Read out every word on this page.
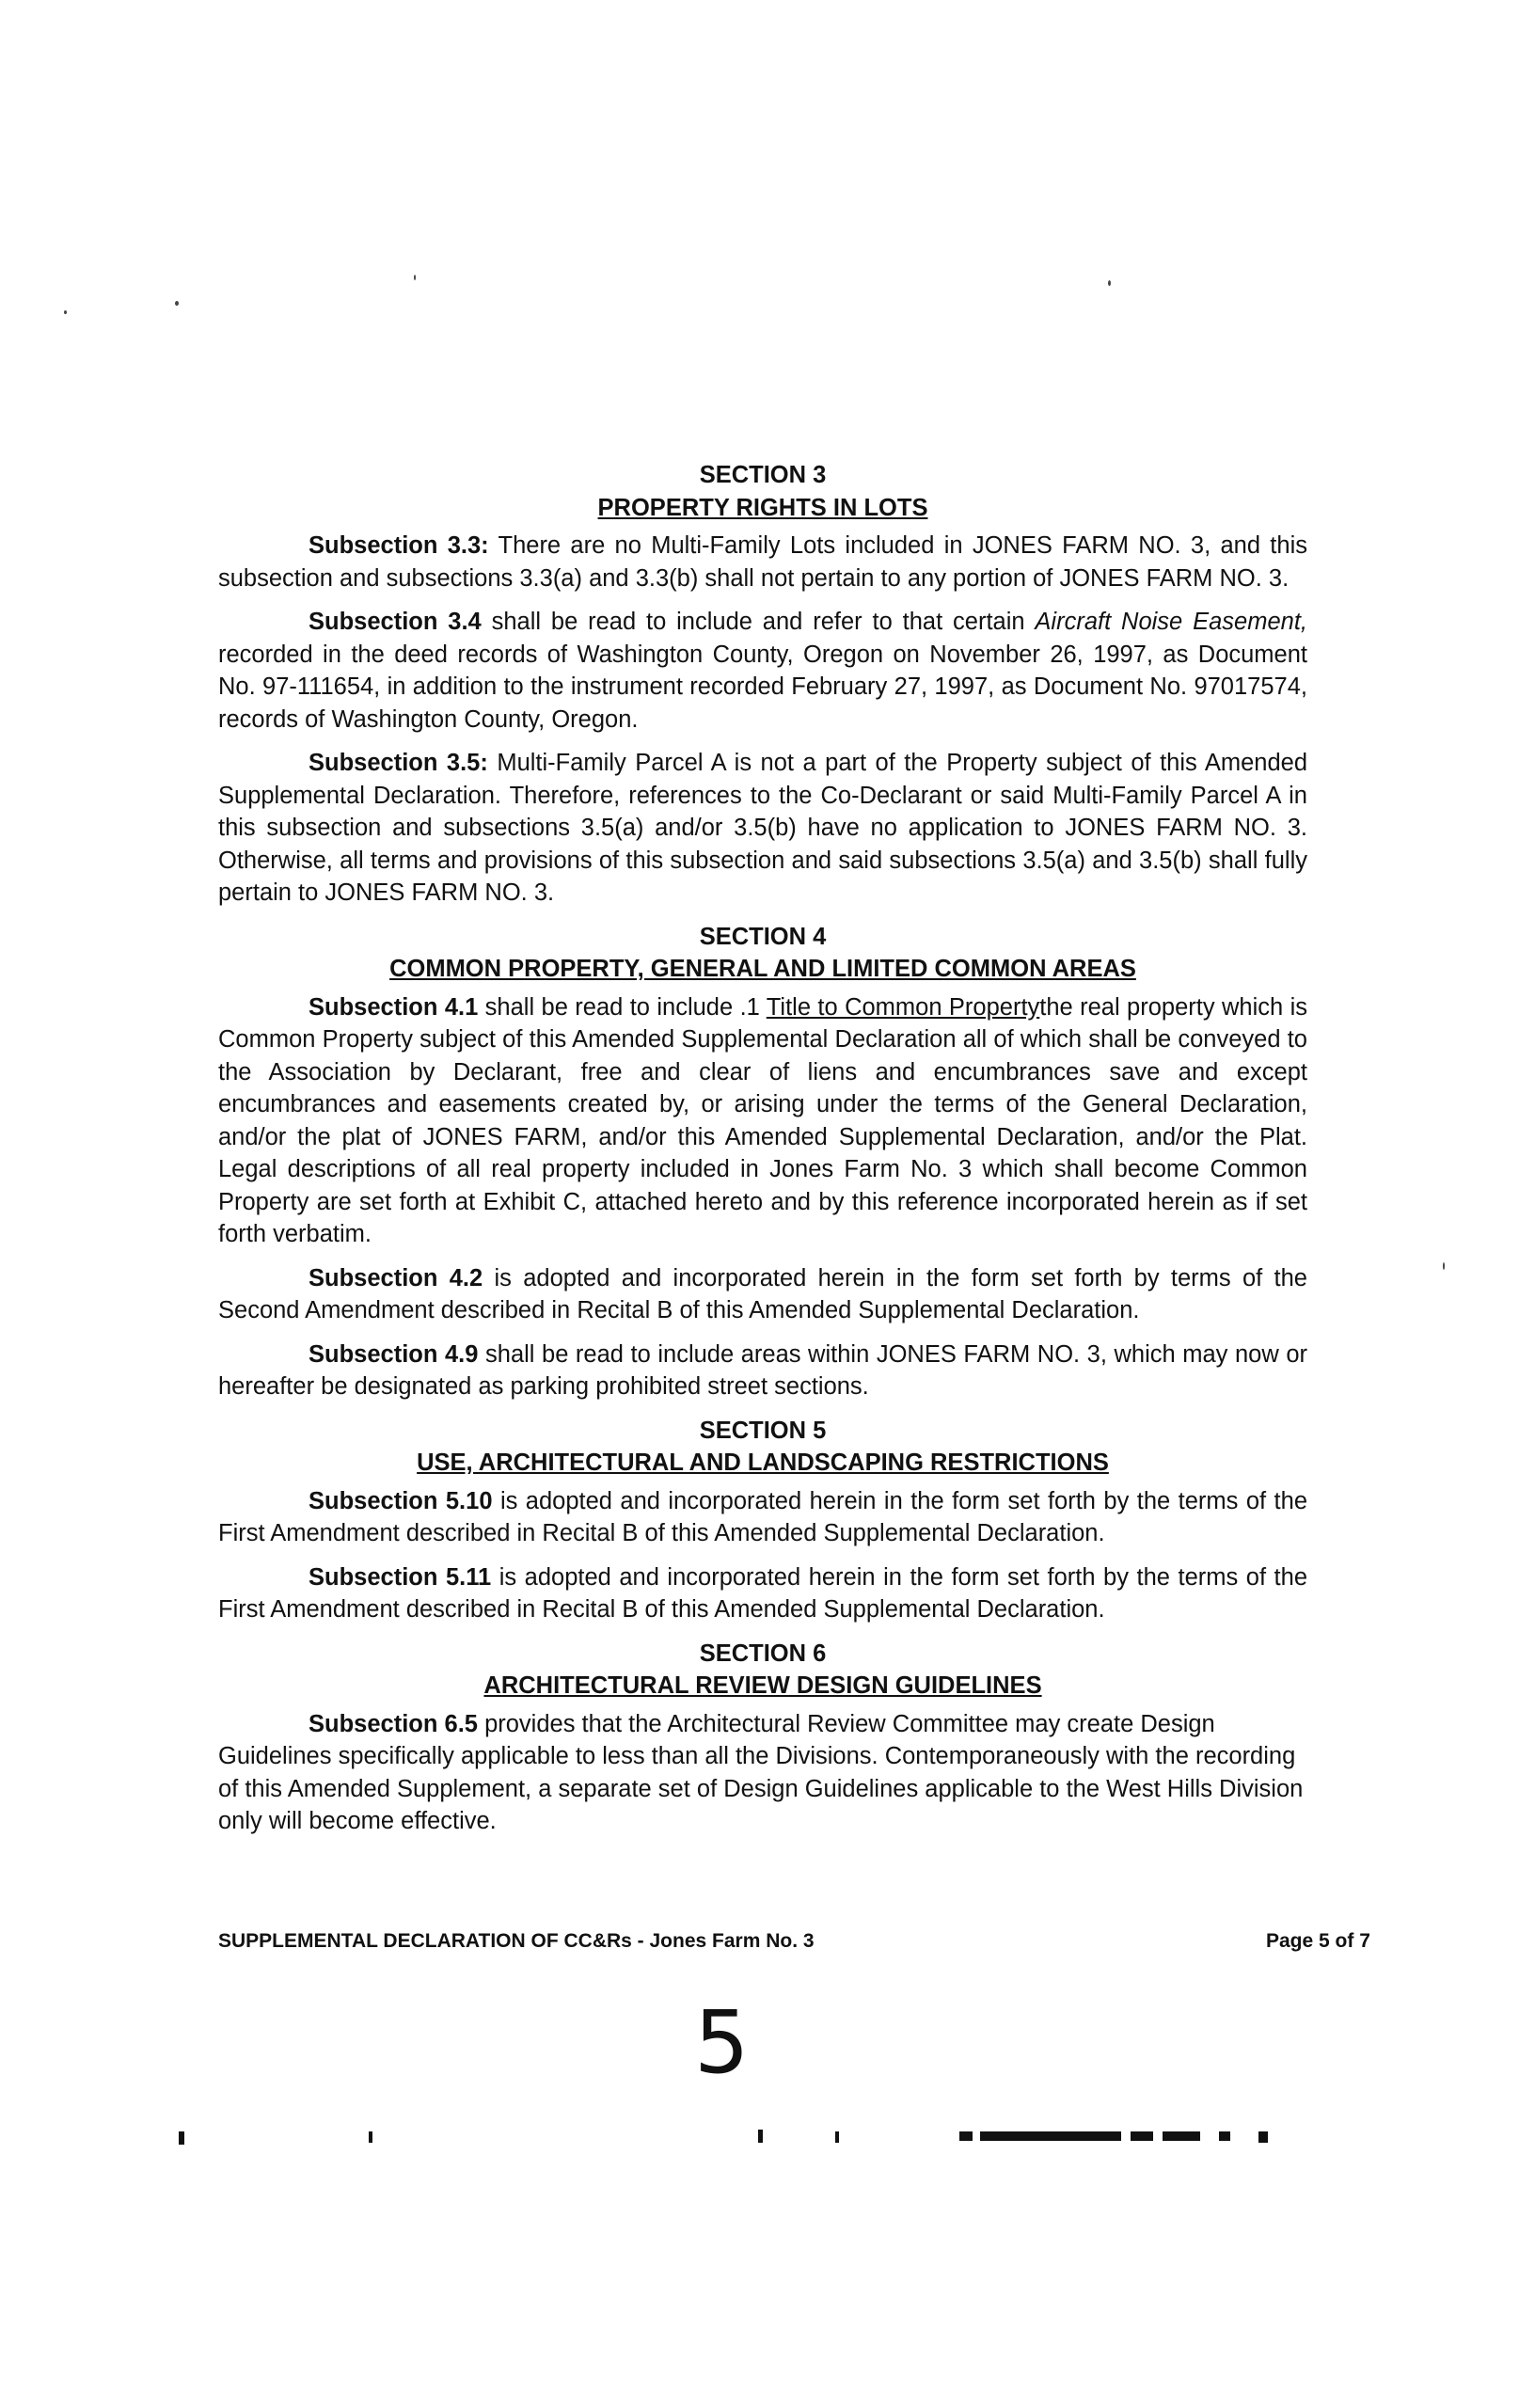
SECTION 3

PROPERTY RIGHTS IN LOTS

Subsection 3.3: There are no Multi-Family Lots included in JONES FARM NO. 3, and this subsection and subsections 3.3(a) and 3.3(b) shall not pertain to any portion of JONES FARM NO. 3.

Subsection 3.4 shall be read to include and refer to that certain Aircraft Noise Easement, recorded in the deed records of Washington County, Oregon on November 26, 1997, as Document No. 97-111654, in addition to the instrument recorded February 27, 1997, as Document No. 97017574, records of Washington County, Oregon.

Subsection 3.5: Multi-Family Parcel A is not a part of the Property subject of this Amended Supplemental Declaration. Therefore, references to the Co-Declarant or said Multi-Family Parcel A in this subsection and subsections 3.5(a) and/or 3.5(b) have no application to JONES FARM NO. 3. Otherwise, all terms and provisions of this subsection and said subsections 3.5(a) and 3.5(b) shall fully pertain to JONES FARM NO. 3.

SECTION 4

COMMON PROPERTY, GENERAL AND LIMITED COMMON AREAS

Subsection 4.1 shall be read to include .1 Title to Common Propertythe real property which is Common Property subject of this Amended Supplemental Declaration all of which shall be conveyed to the Association by Declarant, free and clear of liens and encumbrances save and except encumbrances and easements created by, or arising under the terms of the General Declaration, and/or the plat of JONES FARM, and/or this Amended Supplemental Declaration, and/or the Plat. Legal descriptions of all real property included in Jones Farm No. 3 which shall become Common Property are set forth at Exhibit C, attached hereto and by this reference incorporated herein as if set forth verbatim.

Subsection 4.2 is adopted and incorporated herein in the form set forth by terms of the Second Amendment described in Recital B of this Amended Supplemental Declaration.

Subsection 4.9 shall be read to include areas within JONES FARM NO. 3, which may now or hereafter be designated as parking prohibited street sections.

SECTION 5

USE, ARCHITECTURAL AND LANDSCAPING RESTRICTIONS

Subsection 5.10 is adopted and incorporated herein in the form set forth by the terms of the First Amendment described in Recital B of this Amended Supplemental Declaration.

Subsection 5.11 is adopted and incorporated herein in the form set forth by the terms of the First Amendment described in Recital B of this Amended Supplemental Declaration.

SECTION 6

ARCHITECTURAL REVIEW DESIGN GUIDELINES

Subsection 6.5 provides that the Architectural Review Committee may create Design Guidelines specifically applicable to less than all the Divisions. Contemporaneously with the recording of this Amended Supplement, a separate set of Design Guidelines applicable to the West Hills Division only will become effective.

SUPPLEMENTAL DECLARATION OF CC&Rs - Jones Farm No. 3	Page 5 of 7
5
